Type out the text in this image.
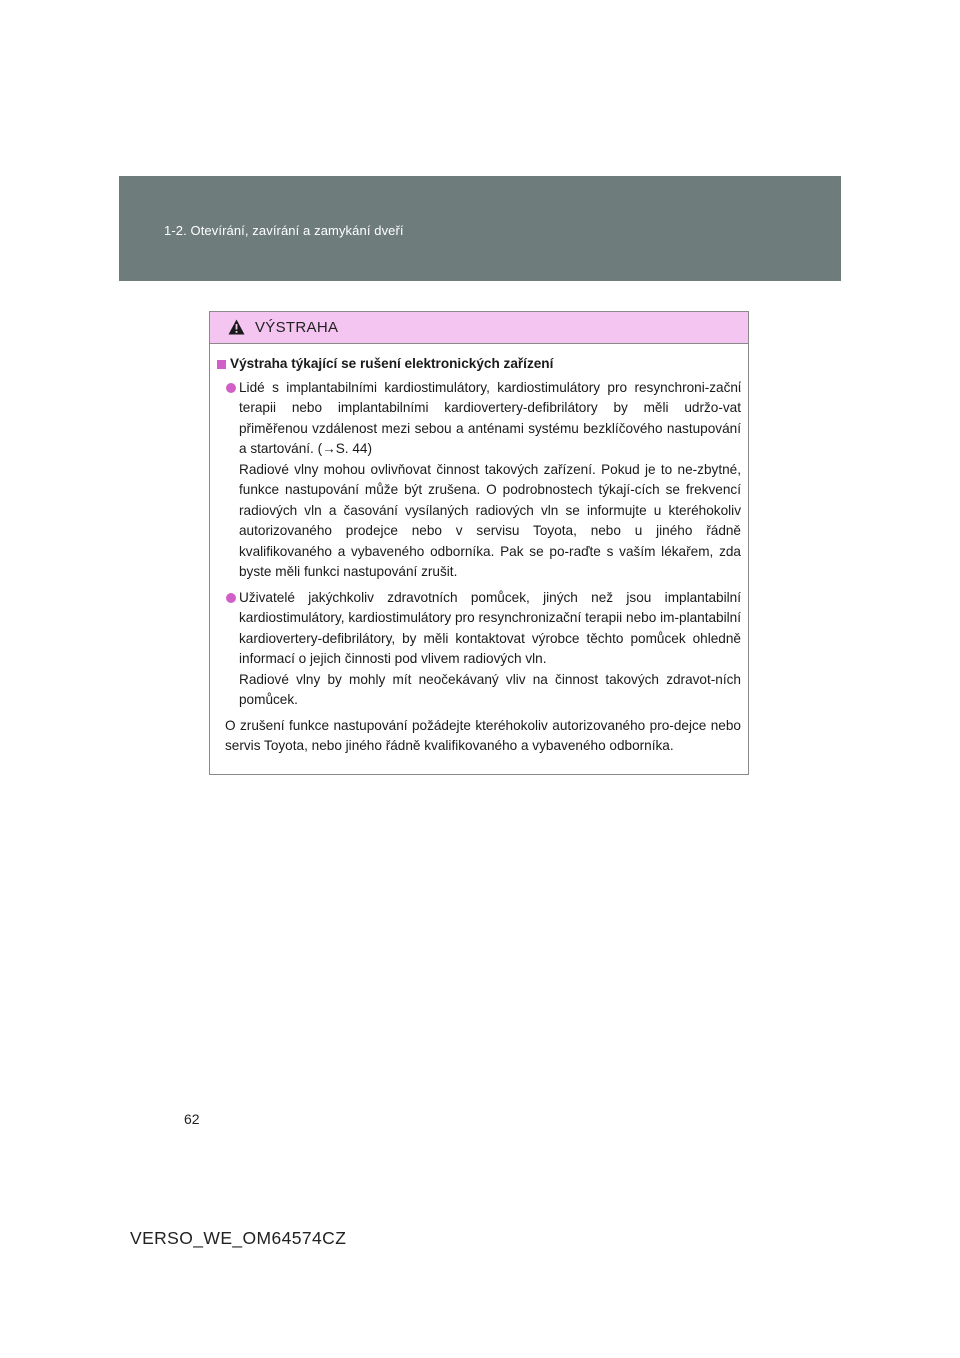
1-2. Otevírání, zavírání a zamykání dveří
VÝSTRAHA
Výstraha týkající se rušení elektronických zařízení

Lidé s implantabilními kardiostimulátory, kardiostimulátory pro resynchroni-začnί terapii nebo implantabilními kardiovertery-defibrilátory by měli udržo-vat přiměřenou vzdálenost mezi sebou a anténami systému bezklíčového nastupování a startování. (→S. 44)

Radiové vlny mohou ovlivňovat činnost takových zařízení. Pokud je to ne-zbytné, funkce nastupování může být zrušena. O podrobnostech týkají-cích se frekvencí radiových vln a časování vysílaných radiových vln se informujte u kteréhokoliv autorizovaného prodejce nebo v servisu Toyota, nebo u jiného řádně kvalifikovaného a vybaveného odborníka. Pak se po-raďte s vaším lékařem, zda byste měli funkci nastupování zrušit.

Uživatelé jakýchkoliv zdravotních pomůcek, jiných než jsou implantabilní kardiostimulátory, kardiostimulátory pro resynchronizační terapii nebo im-plantabilní kardiovertery-defibrilátory, by měli kontaktovat výrobce těchto pomůcek ohledně informací o jejich činnosti pod vlivem radiových vln.

Radiové vlny by mohly mít neočekávaný vliv na činnost takových zdravot-ních pomůcek.

O zrušení funkce nastupování požádejte kteréhokoliv autorizovaného pro-dejce nebo servis Toyota, nebo jiného řádně kvalifikovaného a vybaveného odborníka.

62
VERSO_WE_OM64574CZ
